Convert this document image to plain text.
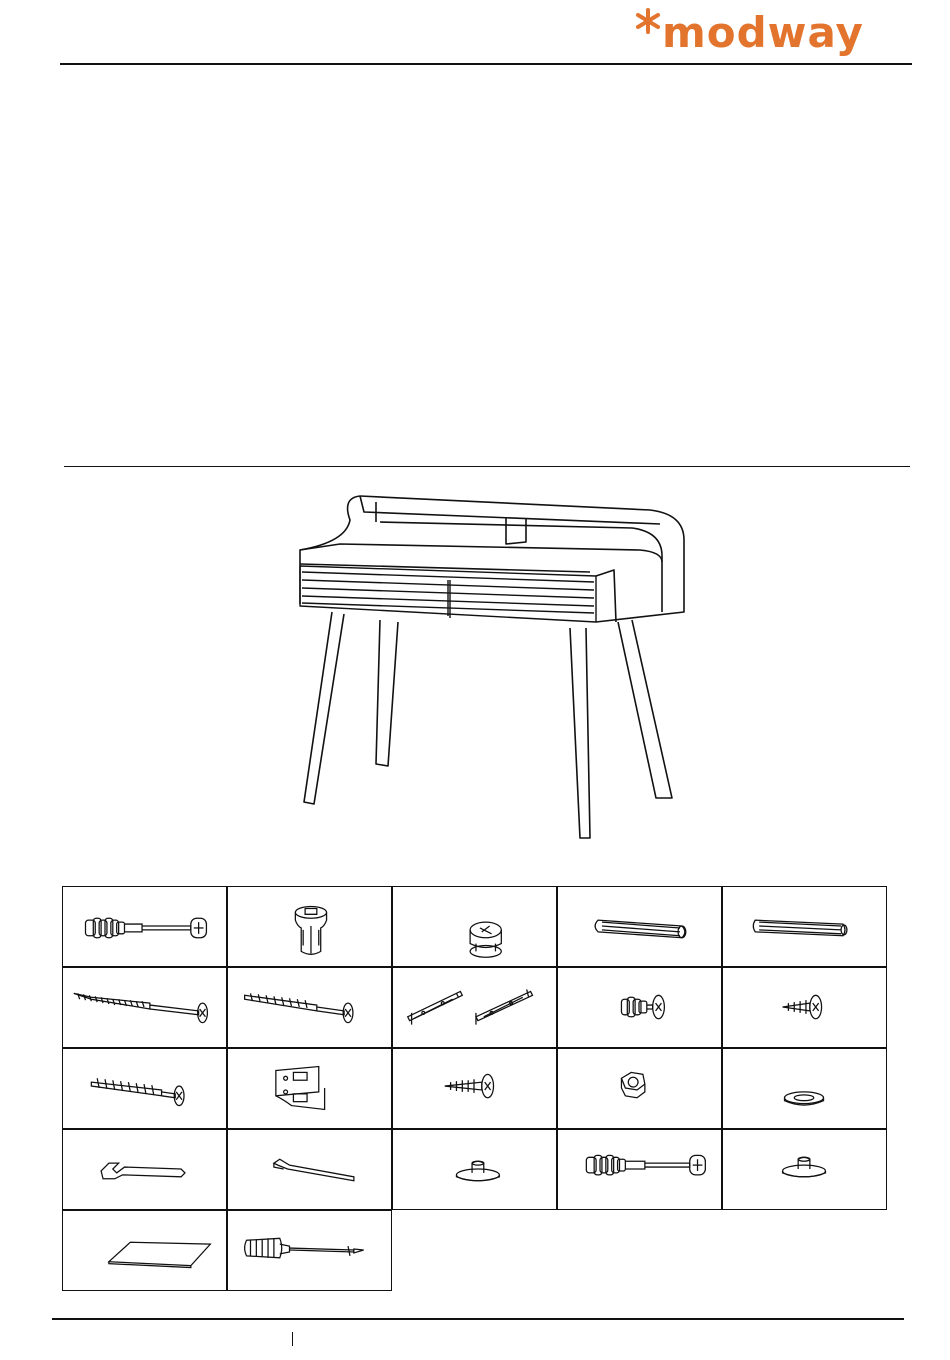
modway
